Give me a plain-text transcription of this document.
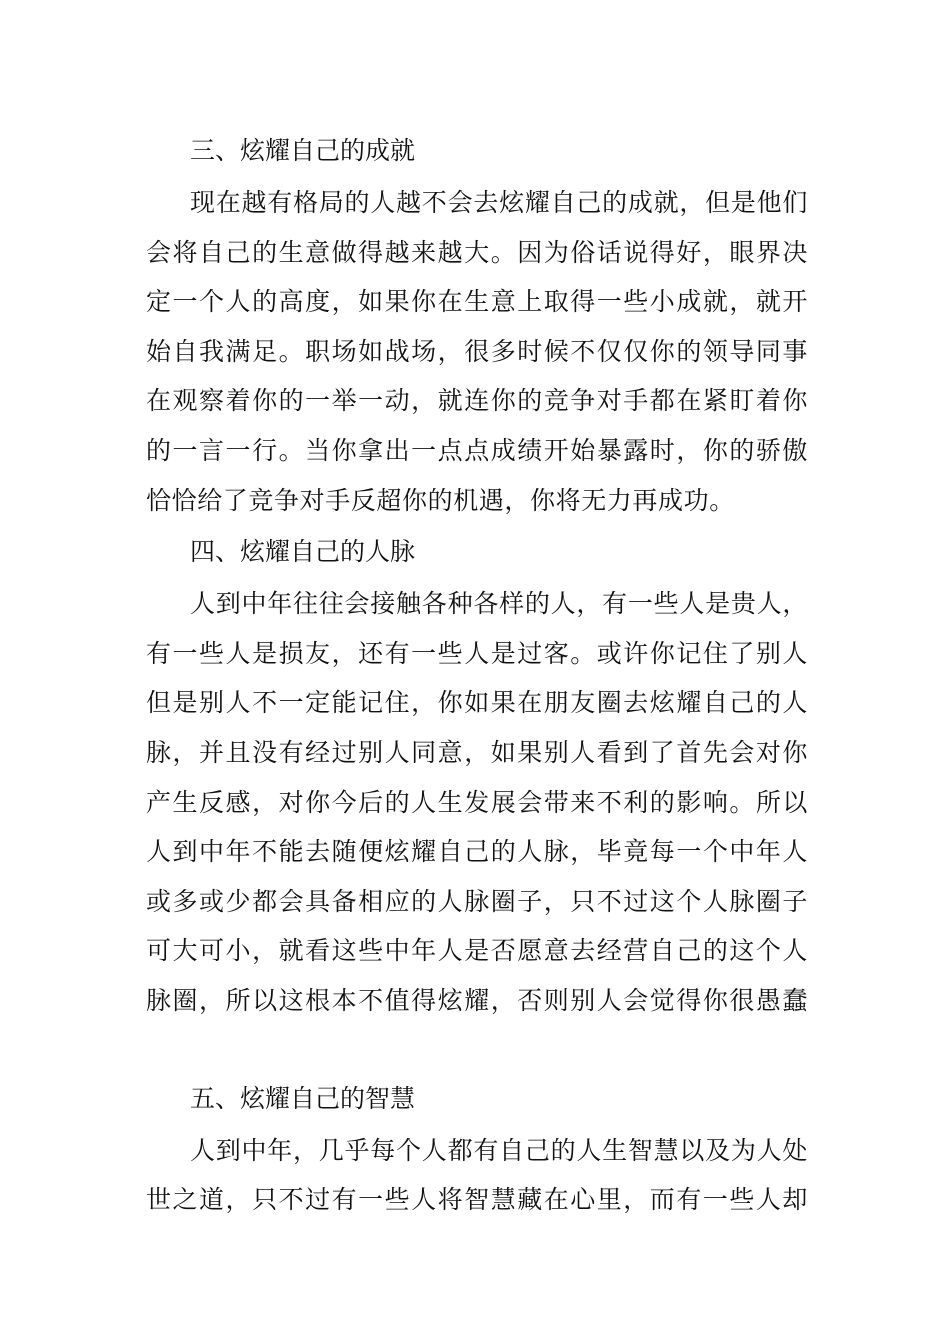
三、炫耀自己的成就

现在越有格局的人越不会去炫耀自己的成就，但是他们

会将自己的生意做得越来越大。因为俗话说得好，眼界决

定一个人的高度，如果你在生意上取得一些小成就，就开

始自我满足。职场如战场，很多时候不仅仅你的领导同事

在观察着你的一举一动，就连你的竞争对手都在紧盯着你

的一言一行。当你拿出一点点成绩开始暴露时，你的骄傲

恰恰给了竞争对手反超你的机遇，你将无力再成功。

四、炫耀自己的人脉

人到中年往往会接触各种各样的人，有一些人是贵人，

有一些人是损友，还有一些人是过客。或许你记住了别人

但是别人不一定能记住，你如果在朋友圈去炫耀自己的人

脉，并且没有经过别人同意，如果别人看到了首先会对你

产生反感，对你今后的人生发展会带来不利的影响。所以

人到中年不能去随便炫耀自己的人脉，毕竟每一个中年人

或多或少都会具备相应的人脉圈子，只不过这个人脉圈子

可大可小，就看这些中年人是否愿意去经营自己的这个人

脉圈，所以这根本不值得炫耀，否则别人会觉得你很愚蠢

五、炫耀自己的智慧

人到中年，几乎每个人都有自己的人生智慧以及为人处

世之道，只不过有一些人将智慧藏在心里，而有一些人却
